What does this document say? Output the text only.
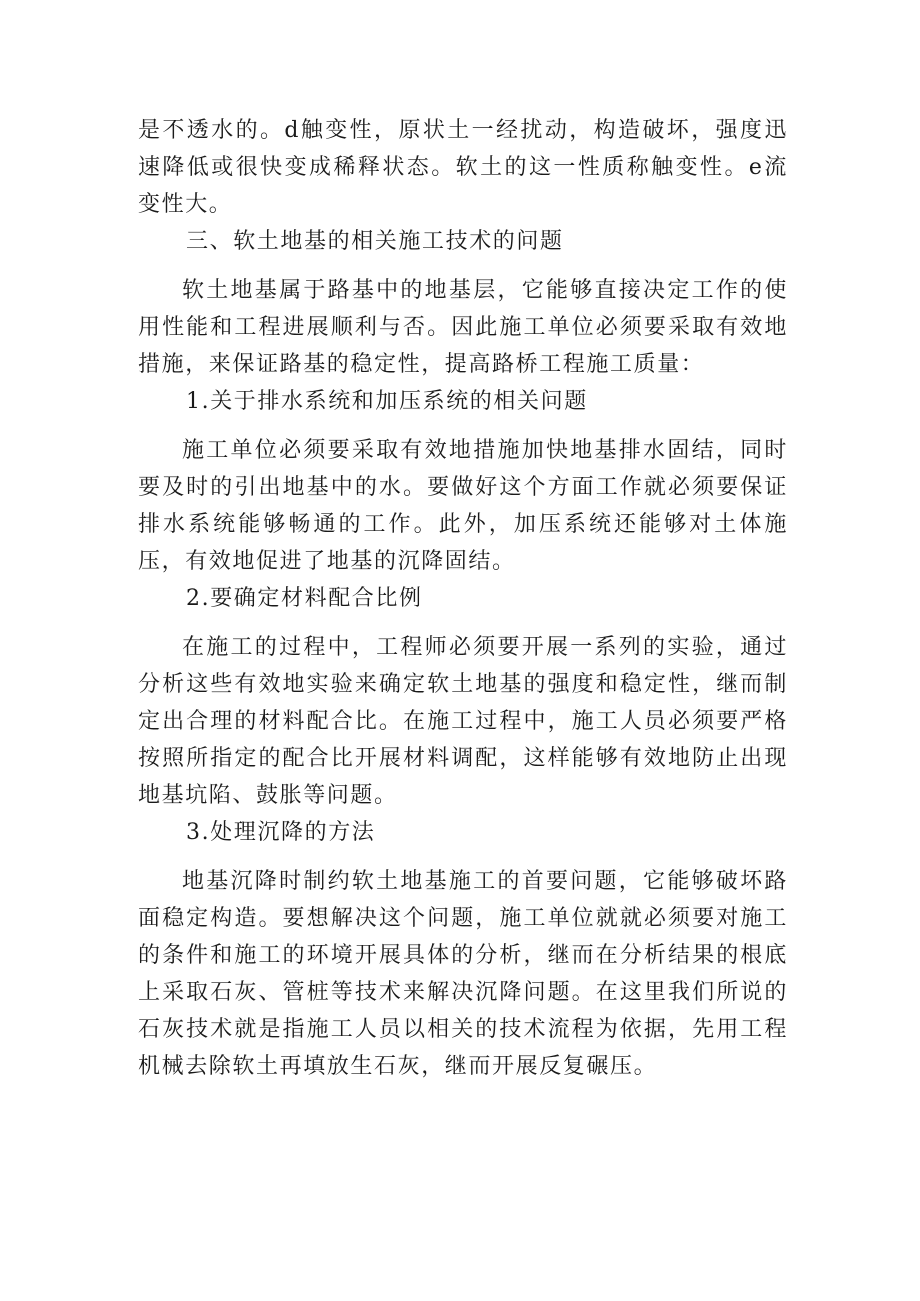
是不透水的。d触变性，原状土一经扰动，构造破坏，强度迅速降低或很快变成稀释状态。软土的这一性质称触变性。e流变性大。

三、软土地基的相关施工技术的问题

软土地基属于路基中的地基层，它能够直接决定工作的使用性能和工程进展顺利与否。因此施工单位必须要采取有效地措施，来保证路基的稳定性，提高路桥工程施工质量：

1.关于排水系统和加压系统的相关问题

施工单位必须要采取有效地措施加快地基排水固结，同时要及时的引出地基中的水。要做好这个方面工作就必须要保证排水系统能够畅通的工作。此外，加压系统还能够对土体施压，有效地促进了地基的沉降固结。

2.要确定材料配合比例

在施工的过程中，工程师必须要开展一系列的实验，通过分析这些有效地实验来确定软土地基的强度和稳定性，继而制定出合理的材料配合比。在施工过程中，施工人员必须要严格按照所指定的配合比开展材料调配，这样能够有效地防止出现地基坑陷、鼓胀等问题。

3.处理沉降的方法

地基沉降时制约软土地基施工的首要问题，它能够破坏路面稳定构造。要想解决这个问题，施工单位就就必须要对施工的条件和施工的环境开展具体的分析，继而在分析结果的根底上采取石灰、管桩等技术来解决沉降问题。在这里我们所说的石灰技术就是指施工人员以相关的技术流程为依据，先用工程机械去除软土再填放生石灰，继而开展反复碾压。
